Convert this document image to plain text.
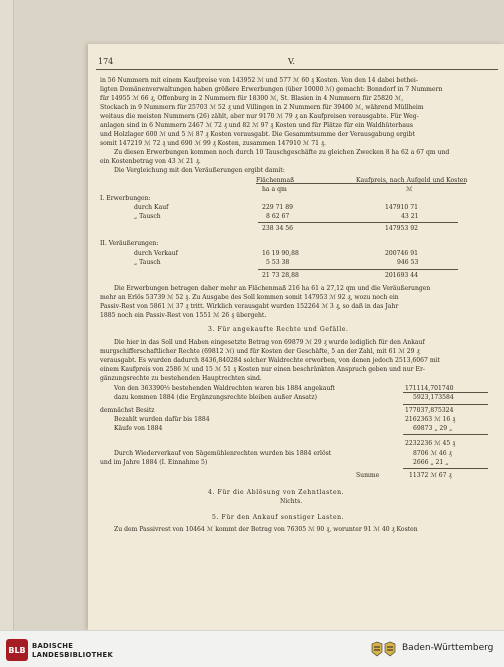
174	V.
in 56 Nummern mit einem Kaufpreise von 143952 ℳ und 577 ℳ 60 ₰ Kosten. Von den 14 dabei bethei-
ligten Domänenverwaltungen haben größere Erwerbungen (über 10000 ℳ) gemacht: Bonndorf in 7 Nummern
für 14955 ℳ 66 ₰, Offenburg in 2 Nummern für 18300 ℳ, St. Blasien in 4 Nummern für 25820 ℳ,
Stockach in 9 Nummern für 25703 ℳ 52 ₰ und Villingen in 2 Nummern für 39400 ℳ, während Müllheim
weitaus die meisten Nummern (26) zählt, aber nur 9170 ℳ 79 ₰ an Kaufpreisen verausgabte. Für Weg-
anlagen sind in 6 Nummern 2467 ℳ 72 ₰ und 82 ℳ 97 ₰ Kosten und für Plätze für ein Waldhüterhaus
und Holzlager 600 ℳ und 5 ℳ 87 ₰ Kosten verausgabt. Die Gesammtsumme der Verausgabung ergibt
somit 147219 ℳ 72 ₰ und 690 ℳ 99 ₰ Kosten, zusammen 147910 ℳ 71 ₰.
Zu diesen Erwerbungen kommen noch durch 10 Tauschgeschäfte zu gleichen Zwecken 8 ha 62 a 67 qm und
ein Kostenbetrag von 43 ℳ 21 ₰.
Die Vergleichung mit den Veräußerungen ergibt damit:
Flächenmaß	Kaufpreis, nach Aufgeld und Kosten
ha a qm	ℳ
I. Erwerbungen:
durch Kauf	229 71 89	147910 71
„ Tausch	8 62 67	43 21
238 34 56	147953 92
II. Veräußerungen:
durch Verkauf	16 19 90,88	200746 91
„ Tausch	5 53 38	946 53
21 73 28,88	201693 44
Die Erwerbungen betragen daher mehr an Flächenmaß 216 ha 61 a 27,12 qm und die Veräußerungen
mehr an Erlös 53739 ℳ 52 ₰. Zu Ausgabe des Soll kommen somit 147953 ℳ 92 ₰, wozu noch ein
Passiv-Rest von 5861 ℳ 37 ₰ tritt. Wirklich verausgabt wurden 152264 ℳ 3 ₰, so daß in das Jahr
1885 noch ein Passiv-Rest von 1551 ℳ 26 ₰ übergeht.
3. Für angekaufte Rechte und Gefälle.
Die hier in das Soll und Haben eingesetzte Betrag von 69879 ℳ 29 ₰ wurde lediglich für den Ankauf
murgschifferschaftlicher Rechte (69812 ℳ) und für Kosten der Geschäfte, 5 an der Zahl, mit 61 ℳ 29 ₰
verausgabt. Es wurden dadurch 8436,840284 solcher Waldrechte erworben, von denen jedoch 2513,6067 mit
einem Kaufpreis von 2586 ℳ und 15 ℳ 51 ₰ Kosten nur einen beschränkten Anspruch geben und nur Er-
gänzungsrechte zu bestehenden Hauptrechten sind.
Von den 363390⅔ bestehenden Waldrechten waren bis 1884 angekauft	171114,701740
dazu kommen 1884 (die Ergänzungsrechte bleiben außer Ansatz)	5923,173584
demnächst Besitz	177037,875324
Bezahlt wurden dafür bis 1884	2162363 ℳ 16 ₰
Käufe von 1884	69873 „ 29 „
2232236 ℳ 45 ₰
Durch Wiederverkauf von Sägemühlenrechten wurden bis 1884 erlöst	8706 ℳ 46 ₰
und im Jahre 1884 (I. Einnahme 5)	2666 „ 21 „
Summe	11372 ℳ 67 ₰
4. Für die Ablösung von Zehntlasten.
Nichts.
5. Für den Ankauf sonstiger Lasten.
Zu dem Passivrest von 10464 ℳ kommt der Betrag von 76305 ℳ 90 ₰, worunter 91 ℳ 40 ₰ Kosten
BLB BADISCHE
LANDESBIBLIOTHEK
Baden-Württemberg
